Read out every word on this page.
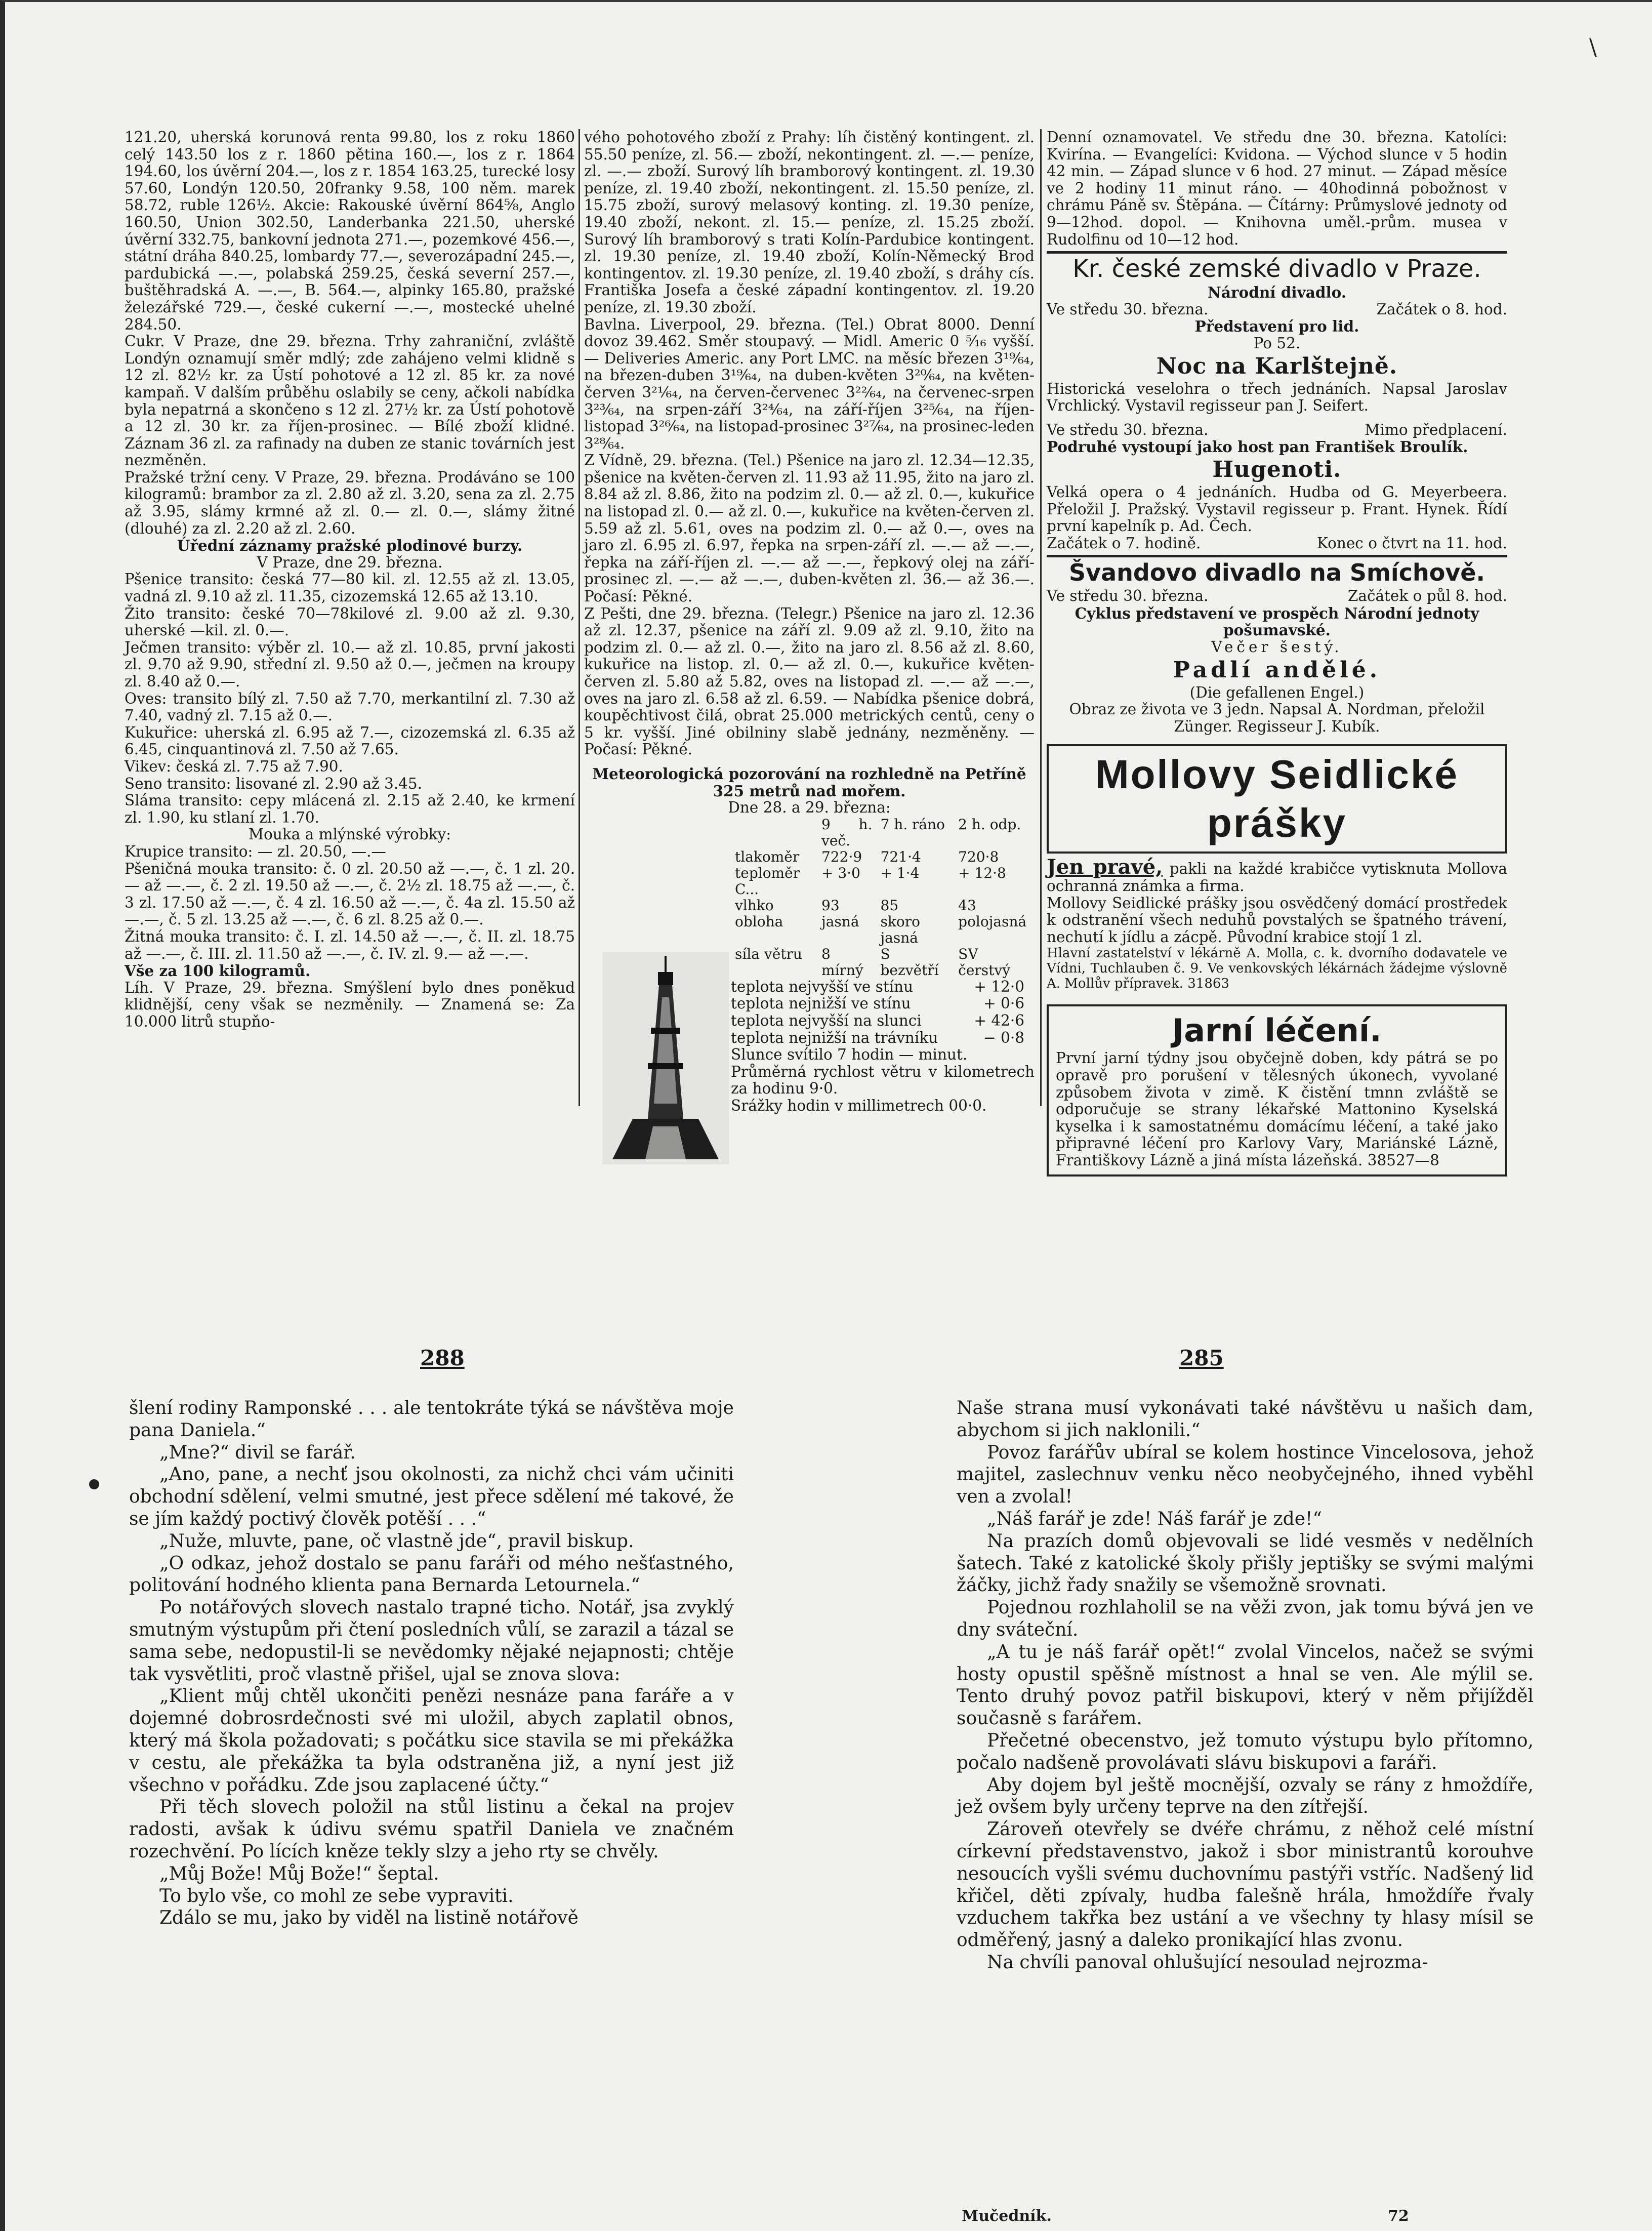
\

121.20, uherská korunová renta 99.80, los z roku 1860 celý 143.50 los z r. 1860 pětina 160.—, los z r. 1864 194.60, los úvěrní 204.—, los z r. 1854 163.25, turecké losy 57.60, Londýn 120.50, 20franky 9.58, 100 něm. marek 58.72, ruble 126½. Akcie: Rakouské úvěrní 864⅝, Anglo 160.50, Union 302.50, Landerbanka 221.50, uherské úvěrní 332.75, bankovní jednota 271.—, pozemkové 456.—, státní dráha 840.25, lombardy 77.—, severozápadní 245.—, pardubická —.—, polabská 259.25, česká severní 257.—, buštěhradská A. —.—, B. 564.—, alpinky 165.80, pražské železářské 729.—, české cukerní —.—, mostecké uhelné 284.50.

Cukr. V Praze, dne 29. března. Trhy zahraniční, zvláště Londýn oznamují směr mdlý; zde zahájeno velmi klidně s 12 zl. 82½ kr. za Ústí pohotové a 12 zl. 85 kr. za nové kampaň. V dalším průběhu oslabily se ceny, ačkoli nabídka byla nepatrná a skončeno s 12 zl. 27½ kr. za Ústí pohotově a 12 zl. 30 kr. za říjen-prosinec. — Bílé zboží klidné. Záznam 36 zl. za rafinady na duben ze stanic továrních jest nezměněn.

Pražské tržní ceny. V Praze, 29. března. Prodáváno se 100 kilogramů: brambor za zl. 2.80 až zl. 3.20, sena za zl. 2.75 až 3.95, slámy krmné až zl. 0.— zl. 0.—, slámy žitné (dlouhé) za zl. 2.20 až zl. 2.60.

Úřední záznamy pražské plodinové burzy.

V Praze, dne 29. března.

Pšenice transito: česká 77—80 kil. zl. 12.55 až zl. 13.05, vadná zl. 9.10 až zl. 11.35, cizozemská 12.65 až 13.10.

Žito transito: české 70—78kilové zl. 9.00 až zl. 9.30, uherské —kil. zl. 0.—.

Ječmen transito: výběr zl. 10.— až zl. 10.85, první jakosti zl. 9.70 až 9.90, střední zl. 9.50 až 0.—, ječmen na kroupy zl. 8.40 až 0.—.

Oves: transito bílý zl. 7.50 až 7.70, merkantilní zl. 7.30 až 7.40, vadný zl. 7.15 až 0.—.

Kukuřice: uherská zl. 6.95 až 7.—, cizozemská zl. 6.35 až 6.45, cinquantinová zl. 7.50 až 7.65.

Vikev: česká zl. 7.75 až 7.90.

Seno transito: lisované zl. 2.90 až 3.45.

Sláma transito: cepy mlácená zl. 2.15 až 2.40, ke krmení zl. 1.90, ku stlaní zl. 1.70.

Mouka a mlýnské výrobky:

Krupice transito: — zl. 20.50, —.—

Pšeničná mouka transito: č. 0 zl. 20.50 až —.—, č. 1 zl. 20.— až —.—, č. 2 zl. 19.50 až —.—, č. 2½ zl. 18.75 až —.—, č. 3 zl. 17.50 až —.—, č. 4 zl. 16.50 až —.—, č. 4a zl. 15.50 až —.—, č. 5 zl. 13.25 až —.—, č. 6 zl. 8.25 až 0.—.

Žitná mouka transito: č. I. zl. 14.50 až —.—, č. II. zl. 18.75 až —.—, č. III. zl. 11.50 až —.—, č. IV. zl. 9.— až —.—.

Vše za 100 kilogramů.

Líh. V Praze, 29. března. Smýšlení bylo dnes poněkud klidnější, ceny však se nezměnily. — Znamená se: Za 10.000 litrů stupňo-

vého pohotového zboží z Prahy: líh čistěný kontingent. zl. 55.50 peníze, zl. 56.— zboží, nekontingent. zl. —.— peníze, zl. —.— zboží. Surový líh bramborový kontingent. zl. 19.30 peníze, zl. 19.40 zboží, nekontingent. zl. 15.50 peníze, zl. 15.75 zboží, surový melasový konting. zl. 19.30 peníze, 19.40 zboží, nekont. zl. 15.— peníze, zl. 15.25 zboží. Surový líh bramborový s trati Kolín-Pardubice kontingent. zl. 19.30 peníze, zl. 19.40 zboží, Kolín-Německý Brod kontingentov. zl. 19.30 peníze, zl. 19.40 zboží, s dráhy cís. Františka Josefa a české západní kontingentov. zl. 19.20 peníze, zl. 19.30 zboží.

Bavlna. Liverpool, 29. března. (Tel.) Obrat 8000. Denní dovoz 39.462. Směr stoupavý. — Midl. Americ 0 ⁵⁄₁₆ vyšší. — Deliveries Americ. any Port LMC. na měsíc březen 3¹⁹⁄₆₄, na březen-duben 3¹⁹⁄₆₄, na duben-květen 3²⁰⁄₆₄, na květen-červen 3²¹⁄₆₄, na červen-červenec 3²²⁄₆₄, na červenec-srpen 3²³⁄₆₄, na srpen-září 3²⁴⁄₆₄, na září-říjen 3²⁵⁄₆₄, na říjen-listopad 3²⁶⁄₆₄, na listopad-prosinec 3²⁷⁄₆₄, na prosinec-leden 3²⁸⁄₆₄.

Z Vídně, 29. března. (Tel.) Pšenice na jaro zl. 12.34—12.35, pšenice na květen-červen zl. 11.93 až 11.95, žito na jaro zl. 8.84 až zl. 8.86, žito na podzim zl. 0.— až zl. 0.—, kukuřice na listopad zl. 0.— až zl. 0.—, kukuřice na květen-červen zl. 5.59 až zl. 5.61, oves na podzim zl. 0.— až 0.—, oves na jaro zl. 6.95 zl. 6.97, řepka na srpen-září zl. —.— až —.—, řepka na září-říjen zl. —.— až —.—, řepkový olej na září-prosinec zl. —.— až —.—, duben-květen zl. 36.— až 36.—. Počasí: Pěkné.

Z Pešti, dne 29. března. (Telegr.) Pšenice na jaro zl. 12.36 až zl. 12.37, pšenice na září zl. 9.09 až zl. 9.10, žito na podzim zl. 0.— až zl. 0.—, žito na jaro zl. 8.56 až zl. 8.60, kukuřice na listop. zl. 0.— až zl. 0.—, kukuřice květen-červen zl. 5.80 až 5.82, oves na listopad zl. —.— až —.—, oves na jaro zl. 6.58 až zl. 6.59. — Nabídka pšenice dobrá, koupěchtivost čilá, obrat 25.000 metrických centů, ceny o 5 kr. vyšší. Jiné obilniny slabě jednány, nezměněny. — Počasí: Pěkné.

Meteorologická pozorování na rozhledně na Petříně 325 metrů nad mořem.
Dne 28. a 29. března:
	9 h. več.	7 h. ráno	2 h. odp.
tlakoměr	722·9	721·4	720·8
teploměr C...	+ 3·0	+ 1·4	+ 12·8
vlhko	93	85	43
obloha	jasná	skoro jasná	polojasná
síla větru	8 mírný	S bezvětří	SV čerstvý
teplota nejvyšší ve stínu	+ 12·0
teplota nejnižší ve stínu	+ 0·6
teplota nejvyšší na slunci	+ 42·6
teplota nejnižší na trávníku	− 0·8
Slunce svítilo 7 hodin — minut.
Průměrná rychlost větru v kilometrech za hodinu 9·0.
Srážky hodin v millimetrech 00·0.

Denní oznamovatel. Ve středu dne 30. března. Katolíci: Kvirína. — Evangelíci: Kvidona. — Východ slunce v 5 hodin 42 min. — Západ slunce v 6 hod. 27 minut. — Západ měsíce ve 2 hodiny 11 minut ráno. — 40hodinná pobožnost v chrámu Páně sv. Štěpána. — Čítárny: Průmyslové jednoty od 9—12hod. dopol. — Knihovna uměl.-prům. musea v Rudolfinu od 10—12 hod.

Kr. české zemské divadlo v Praze.

Národní divadlo.

Ve středu 30. března.	Začátek o 8. hod.

Představení pro lid.

Po 52.

Noc na Karlštejně.

Historická veselohra o třech jednáních. Napsal Jaroslav Vrchlický. Vystavil regisseur pan J. Seifert.

Ve středu 30. března.	Mimo předplacení.

Podruhé vystoupí jako host pan František Broulík.

Hugenoti.

Velká opera o 4 jednáních. Hudba od G. Meyerbeera. Přeložil J. Pražský. Vystavil regisseur p. Frant. Hynek. Řídí první kapelník p. Ad. Čech.

Začátek o 7. hodině.	Konec o čtvrt na 11. hod.

Švandovo divadlo na Smíchově.

Ve středu 30. března.	Začátek o půl 8. hod.

Cyklus představení ve prospěch Národní jednoty pošumavské.

Večer šestý.

Padlí andělé.

(Die gefallenen Engel.)

Obraz ze života ve 3 jedn. Napsal A. Nordman, přeložil Zünger. Regisseur J. Kubík.

Mollovy Seidlické prášky

Jen pravé, pakli na každé krabičce vytisknuta Mollova ochranná známka a firma.

Mollovy Seidlické prášky jsou osvědčený domácí prostředek k odstranění všech neduhů povstalých se špatného trávení, nechutí k jídlu a zácpě. Původní krabice stojí 1 zl.

Hlavní zastatelství v lékárně A. Molla, c. k. dvorního dodavatele ve Vídni, Tuchlauben č. 9. Ve venkovských lékárnách žádejme výslovně A. Mollův přípravek. 31863

Jarní léčení.

První jarní týdny jsou obyčejně doben, kdy pátrá se po opravě pro porušení v tělesných úkonech, vyvolané způsobem života v zimě. K čistění tmnn zvláště se odporučuje se strany lékařské Mattonino Kyselská kyselka i k samostatnému domácímu léčení, a také jako připravné léčení pro Karlovy Vary, Mariánské Lázně, Františkovy Lázně a jiná místa lázeňská. 38527—8

288	285

šlení rodiny Ramponské . . . ale tentokráte týká se návštěva moje pana Daniela.“

„Mne?“ divil se farář.

„Ano, pane, a nechť jsou okolnosti, za nichž chci vám učiniti obchodní sdělení, velmi smutné, jest přece sdělení mé takové, že se jím každý poctivý člověk potěší . . .“

„Nuže, mluvte, pane, oč vlastně jde“, pravil biskup.

„O odkaz, jehož dostalo se panu faráři od mého nešťastného, politování hodného klienta pana Bernarda Letournela.“

Po notářových slovech nastalo trapné ticho. Notář, jsa zvyklý smutným výstupům při čtení posledních vůlí, se zarazil a tázal se sama sebe, nedopustil-li se nevědomky nějaké nejapnosti; chtěje tak vysvětliti, proč vlastně přišel, ujal se znova slova:

„Klient můj chtěl ukončiti penězi nesnáze pana faráře a v dojemné dobrosrdečnosti své mi uložil, abych zaplatil obnos, který má škola požadovati; s počátku sice stavila se mi překážka v cestu, ale překážka ta byla odstraněna již, a nyní jest již všechno v pořádku. Zde jsou zaplacené účty.“

Při těch slovech položil na stůl listinu a čekal na projev radosti, avšak k údivu svému spatřil Daniela ve značném rozechvění. Po lících kněze tekly slzy a jeho rty se chvěly.

„Můj Bože! Můj Bože!“ šeptal.

To bylo vše, co mohl ze sebe vypraviti.

Zdálo se mu, jako by viděl na listině notářově

Naše strana musí vykonávati také návštěvu u našich dam, abychom si jich naklonili.“

Povoz farářův ubíral se kolem hostince Vincelosova, jehož majitel, zaslechnuv venku něco neobyčejného, ihned vyběhl ven a zvolal!

„Náš farář je zde! Náš farář je zde!“

Na prazích domů objevovali se lidé vesměs v nedělních šatech. Také z katolické školy přišly jeptišky se svými malými žáčky, jichž řady snažily se všemožně srovnati.

Pojednou rozhlaholil se na věži zvon, jak tomu bývá jen ve dny sváteční.

„A tu je náš farář opět!“ zvolal Vincelos, načež se svými hosty opustil spěšně místnost a hnal se ven. Ale mýlil se. Tento druhý povoz patřil biskupovi, který v něm přijížděl současně s farářem.

Přečetné obecenstvo, jež tomuto výstupu bylo přítomno, počalo nadšeně provolávati slávu biskupovi a faráři.

Aby dojem byl ještě mocnější, ozvaly se rány z hmoždíře, jež ovšem byly určeny teprve na den zítřejší.

Zároveň otevřely se dvéře chrámu, z něhož celé místní církevní představenstvo, jakož i sbor ministrantů korouhve nesoucích vyšli svému duchovnímu pastýři vstříc. Nadšený lid křičel, děti zpívaly, hudba falešně hrála, hmoždíře řvaly vzduchem takřka bez ustání a ve všechny ty hlasy mísil se odměřený, jasný a daleko pronikající hlas zvonu.

Na chvíli panoval ohlušující nesoulad nejrozma-

Mučedník.	72
